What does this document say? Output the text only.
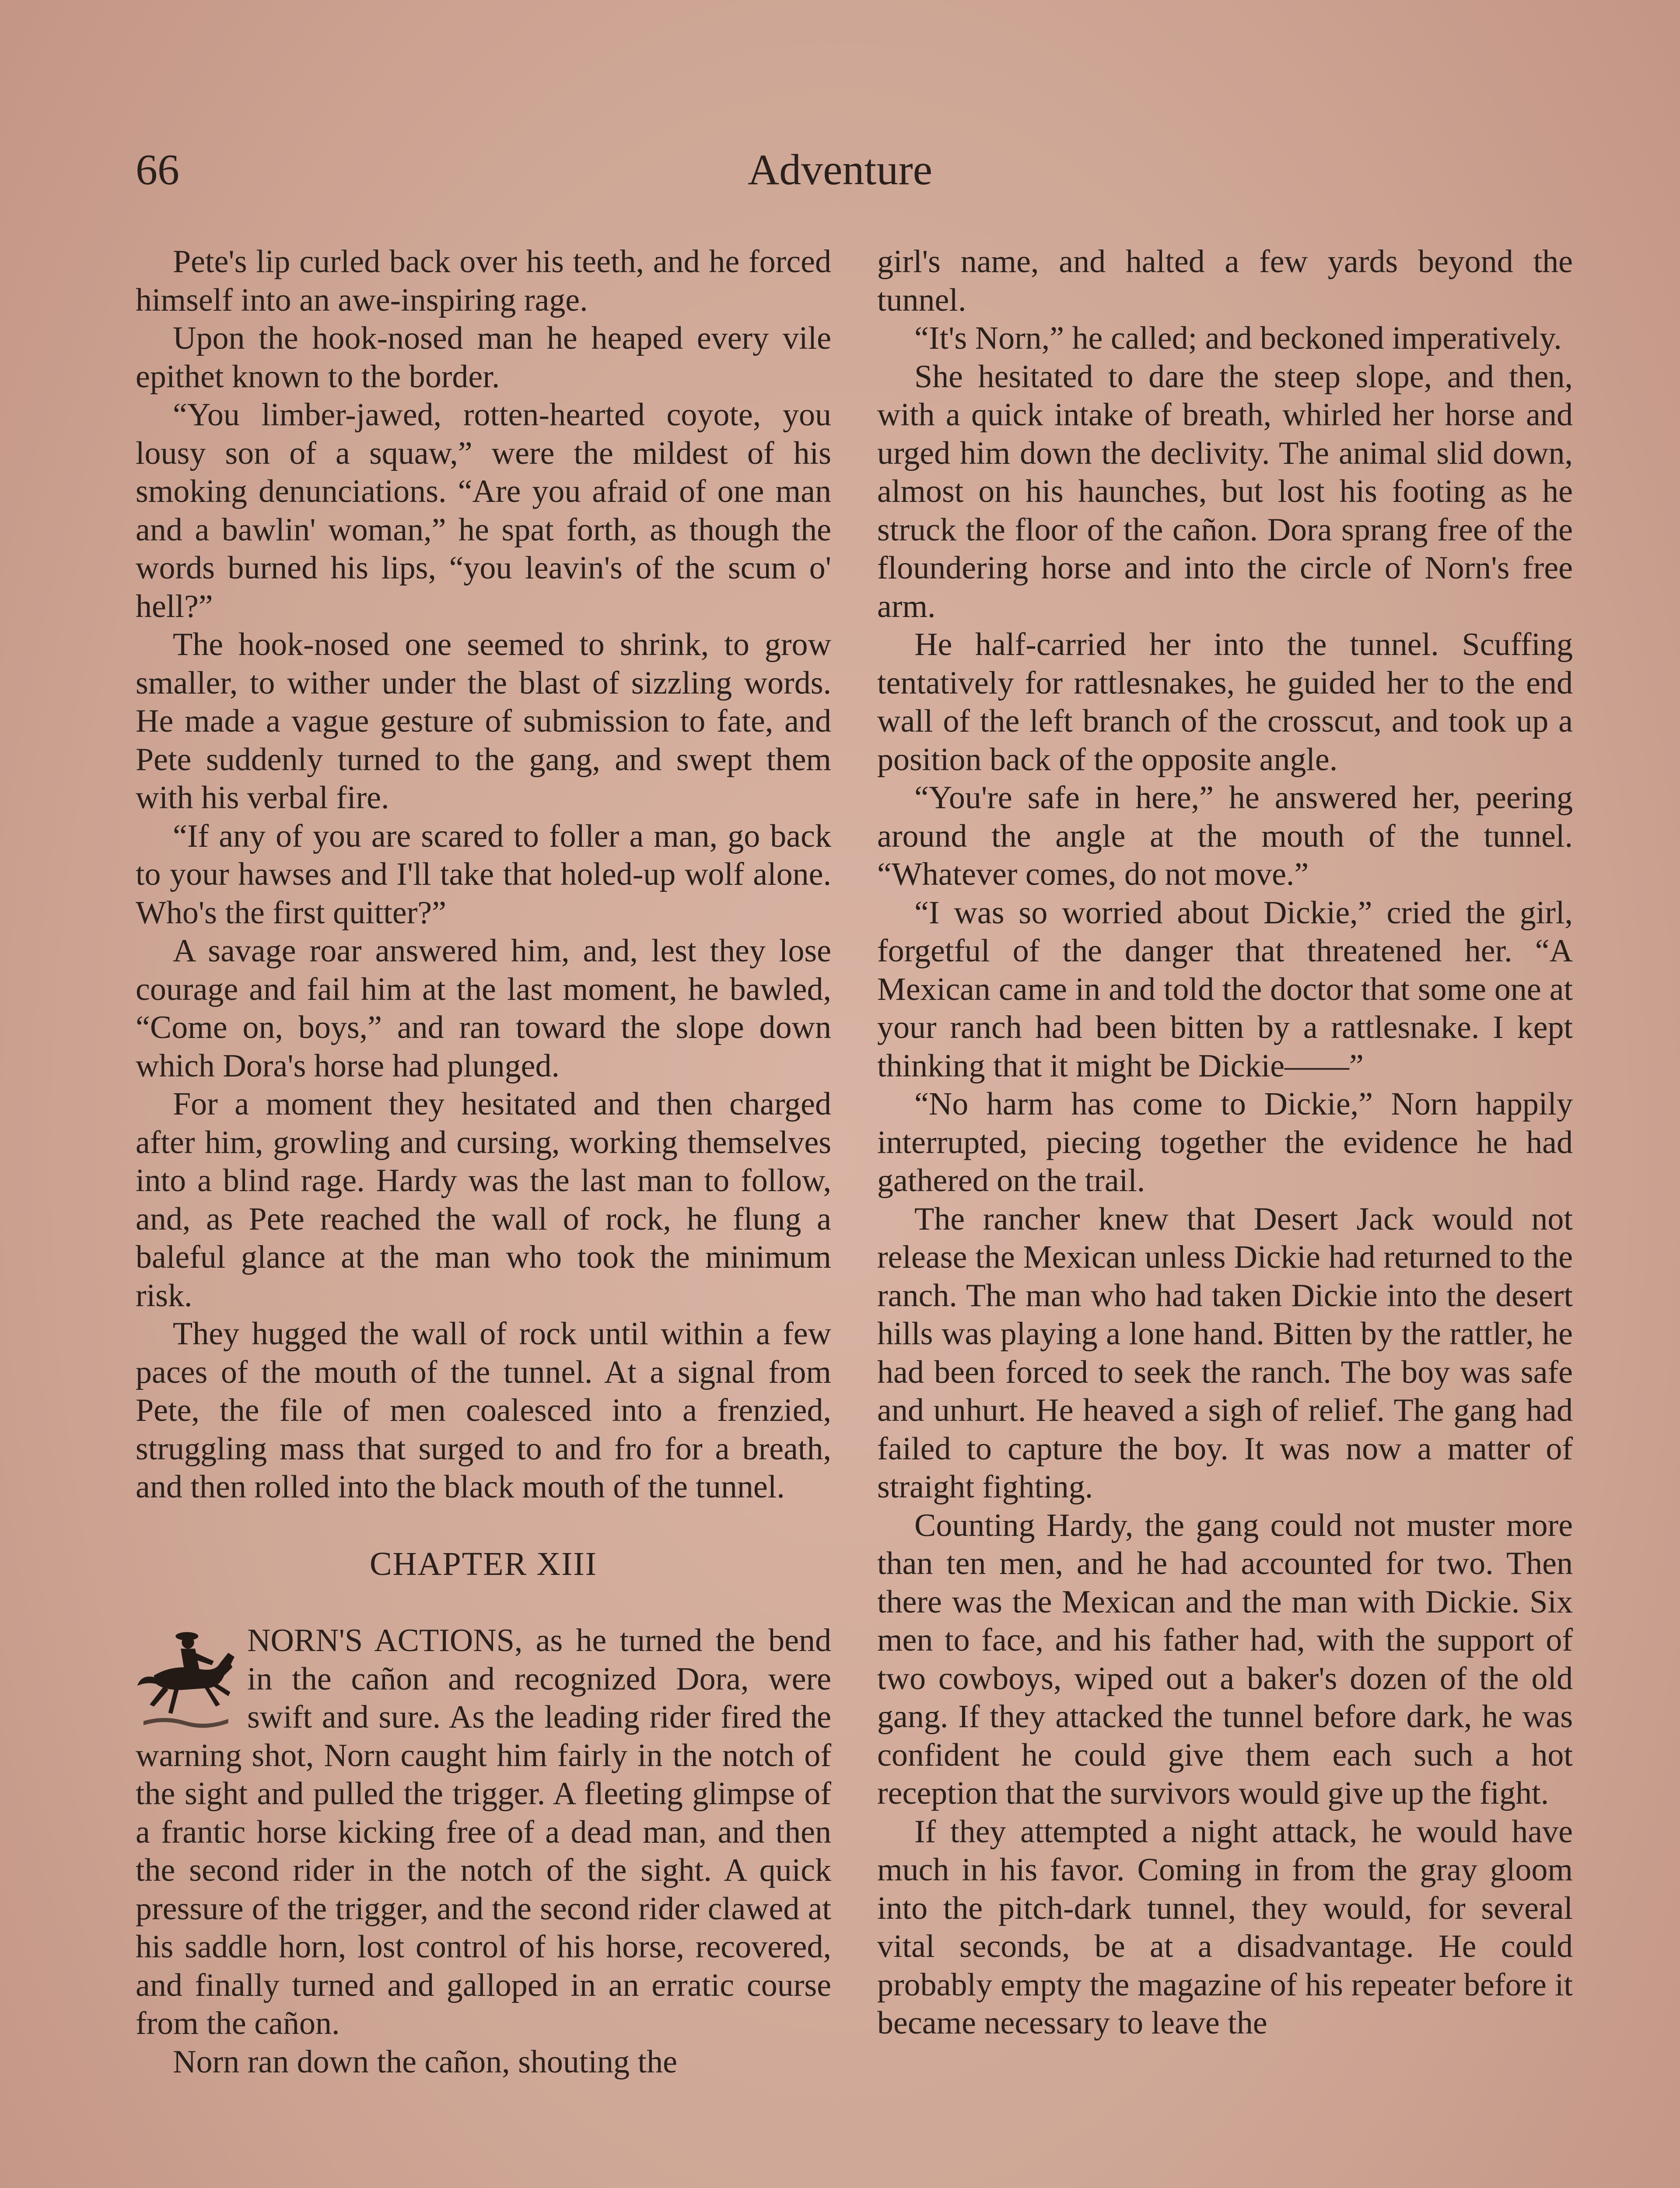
66	Adventure

Pete's lip curled back over his teeth, and he forced himself into an awe-inspiring rage.

Upon the hook-nosed man he heaped every vile epithet known to the border.

“You limber-jawed, rotten-hearted coyote, you lousy son of a squaw,” were the mildest of his smoking denunciations. “Are you afraid of one man and a bawlin' woman,” he spat forth, as though the words burned his lips, “you leavin's of the scum o' hell?”

The hook-nosed one seemed to shrink, to grow smaller, to wither under the blast of sizzling words. He made a vague gesture of submission to fate, and Pete suddenly turned to the gang, and swept them with his verbal fire.

“If any of you are scared to foller a man, go back to your hawses and I'll take that holed-up wolf alone. Who's the first quitter?”

A savage roar answered him, and, lest they lose courage and fail him at the last moment, he bawled, “Come on, boys,” and ran toward the slope down which Dora's horse had plunged.

For a moment they hesitated and then charged after him, growling and cursing, working themselves into a blind rage. Hardy was the last man to follow, and, as Pete reached the wall of rock, he flung a baleful glance at the man who took the minimum risk.

They hugged the wall of rock until within a few paces of the mouth of the tunnel. At a signal from Pete, the file of men coalesced into a frenzied, struggling mass that surged to and fro for a breath, and then rolled into the black mouth of the tunnel.

CHAPTER XIII

NORN'S ACTIONS, as he turned the bend in the cañon and recognized Dora, were swift and sure. As the leading rider fired the warning shot, Norn caught him fairly in the notch of the sight and pulled the trigger. A fleeting glimpse of a frantic horse kicking free of a dead man, and then the second rider in the notch of the sight. A quick pressure of the trigger, and the second rider clawed at his saddle horn, lost control of his horse, recovered, and finally turned and galloped in an erratic course from the cañon.

Norn ran down the cañon, shouting the

girl's name, and halted a few yards beyond the tunnel.

“It's Norn,” he called; and beckoned imperatively.

She hesitated to dare the steep slope, and then, with a quick intake of breath, whirled her horse and urged him down the declivity. The animal slid down, almost on his haunches, but lost his footing as he struck the floor of the cañon. Dora sprang free of the floundering horse and into the circle of Norn's free arm.

He half-carried her into the tunnel. Scuffing tentatively for rattlesnakes, he guided her to the end wall of the left branch of the crosscut, and took up a position back of the opposite angle.

“You're safe in here,” he answered her, peering around the angle at the mouth of the tunnel. “Whatever comes, do not move.”

“I was so worried about Dickie,” cried the girl, forgetful of the danger that threatened her. “A Mexican came in and told the doctor that some one at your ranch had been bitten by a rattlesnake. I kept thinking that it might be Dickie——”

“No harm has come to Dickie,” Norn happily interrupted, piecing together the evidence he had gathered on the trail.

The rancher knew that Desert Jack would not release the Mexican unless Dickie had returned to the ranch. The man who had taken Dickie into the desert hills was playing a lone hand. Bitten by the rattler, he had been forced to seek the ranch. The boy was safe and unhurt. He heaved a sigh of relief. The gang had failed to capture the boy. It was now a matter of straight fighting.

Counting Hardy, the gang could not muster more than ten men, and he had accounted for two. Then there was the Mexican and the man with Dickie. Six men to face, and his father had, with the support of two cowboys, wiped out a baker's dozen of the old gang. If they attacked the tunnel before dark, he was confident he could give them each such a hot reception that the survivors would give up the fight.

If they attempted a night attack, he would have much in his favor. Coming in from the gray gloom into the pitch-dark tunnel, they would, for several vital seconds, be at a disadvantage. He could probably empty the magazine of his repeater before it became necessary to leave the
